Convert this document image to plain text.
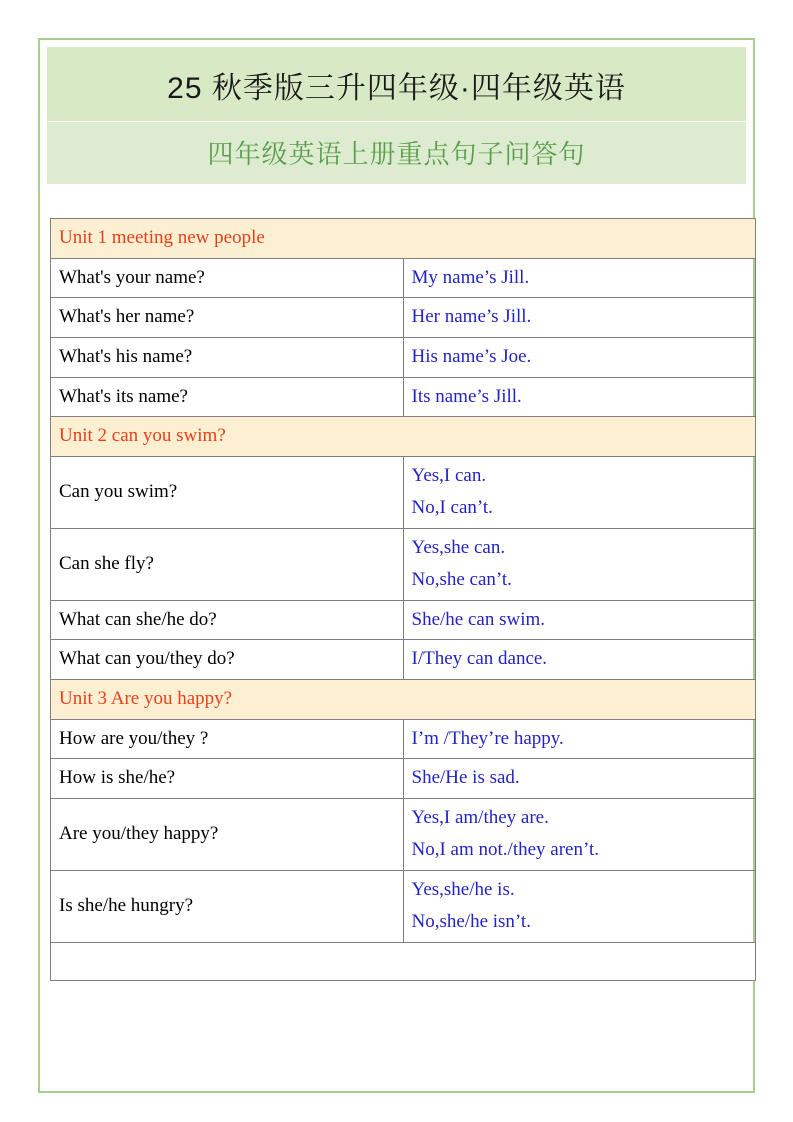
25 秋季版三升四年级·四年级英语
四年级英语上册重点句子问答句
Unit 1 meeting new people	
What's your name?	My name’s Jill.

What's her name?	Her name’s Jill.

What's his name?	His name’s Joe.

What's its name?	Its name’s Jill.

Unit 2 can you swim?	
Can you swim?	Yes,I can.
No,I can’t.

Can she fly?	Yes,she can.
No,she can’t.

What can she/he do?	She/he can swim.

What can you/they do?	I/They can dance.

Unit 3 Are you happy?	
How are you/they ?	I’m /They’re happy.

How is she/he?	She/He is sad.

Are you/they happy?	Yes,I am/they are.
No,I am not./they aren’t.

Is she/he hungry?	Yes,she/he is.
No,she/he isn’t.
